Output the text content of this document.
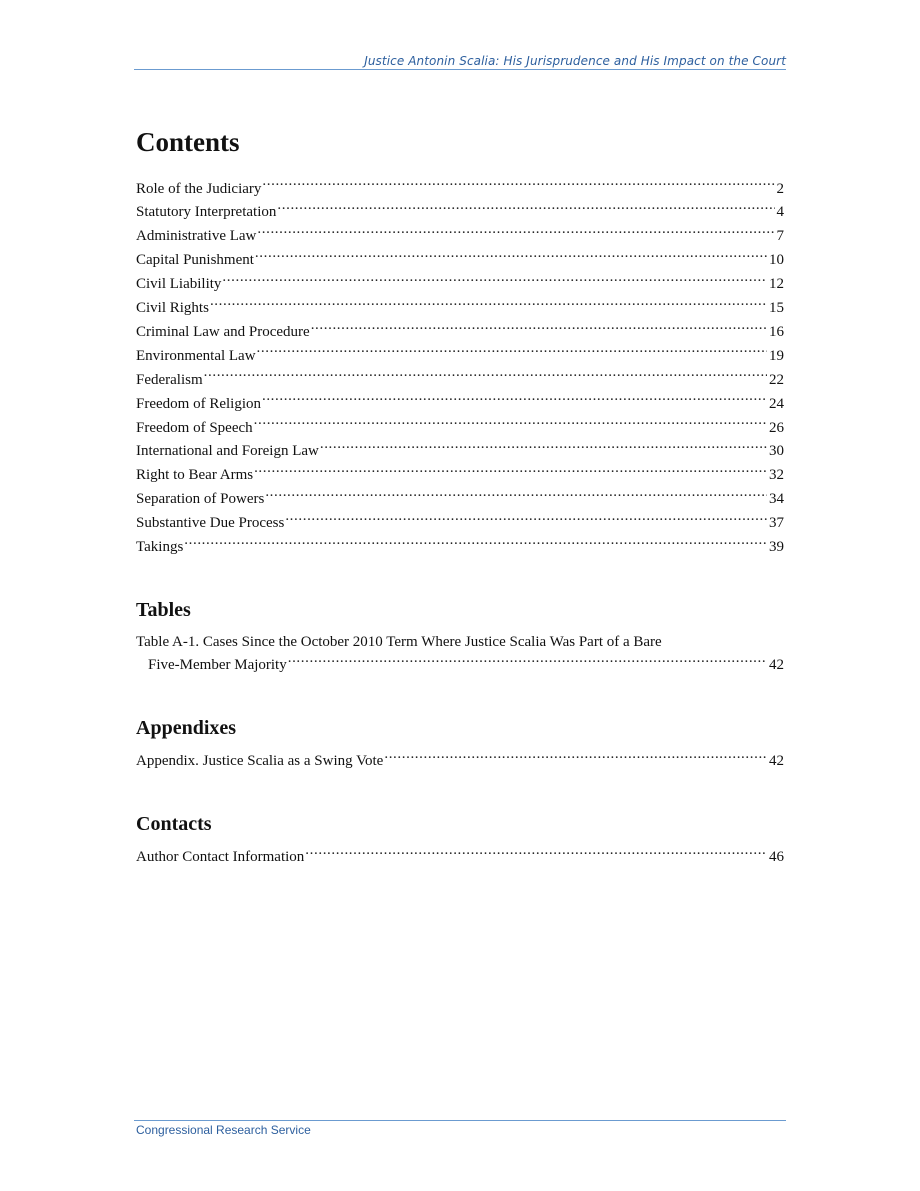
Justice Antonin Scalia: His Jurisprudence and His Impact on the Court
Contents
Role of the Judiciary .....	2
Statutory Interpretation .....	4
Administrative Law .....	7
Capital Punishment .....	10
Civil Liability .....	12
Civil Rights .....	15
Criminal Law and Procedure .....	16
Environmental Law .....	19
Federalism .....	22
Freedom of Religion .....	24
Freedom of Speech .....	26
International and Foreign Law .....	30
Right to Bear Arms .....	32
Separation of Powers .....	34
Substantive Due Process .....	37
Takings .....	39
Tables
Table A-1. Cases Since the October 2010 Term Where Justice Scalia Was Part of a Bare
Five-Member Majority .....	42
Appendixes
Appendix. Justice Scalia as a Swing Vote .....	42
Contacts
Author Contact Information .....	46
Congressional Research Service
